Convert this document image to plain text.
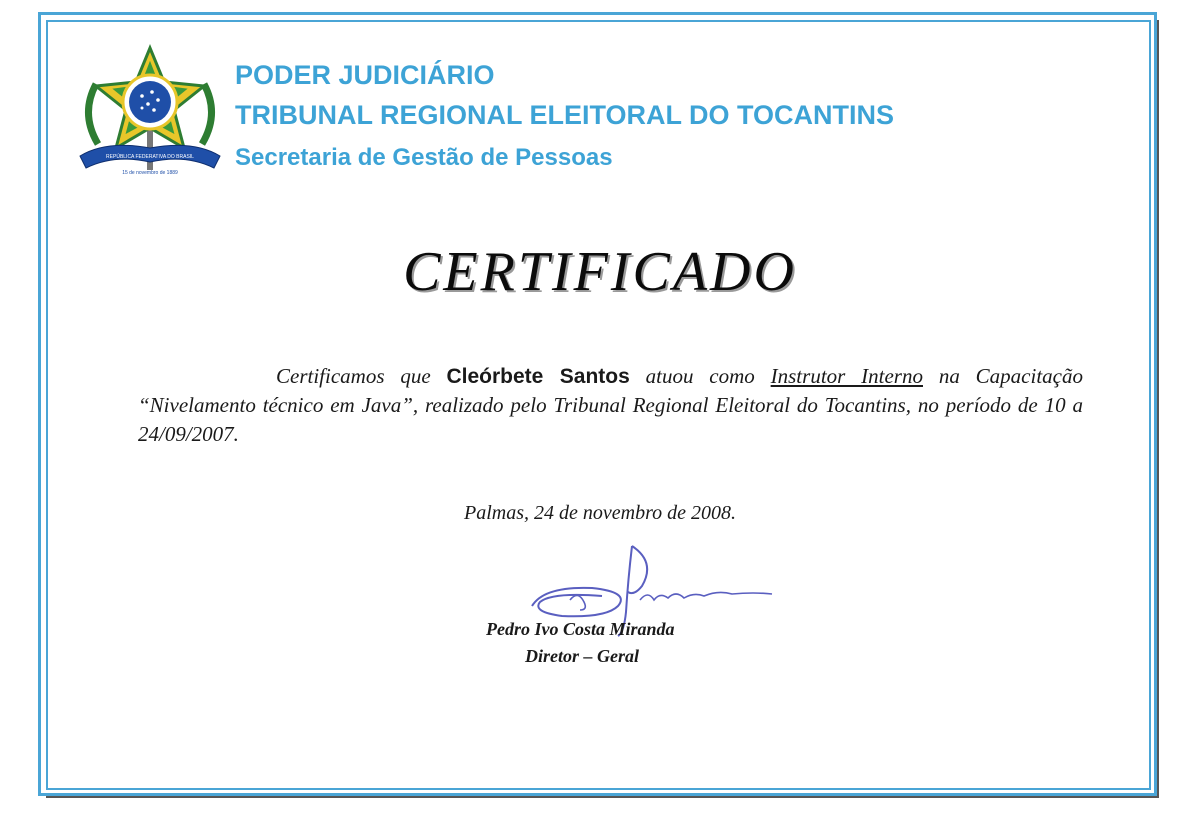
REPÚBLICA FEDERATIVA DO BRASIL
15 de novembro de 1889
PODER JUDICIÁRIO
TRIBUNAL REGIONAL ELEITORAL DO TOCANTINS
Secretaria de Gestão de Pessoas
CERTIFICADO
Certificamos que Cleórbete Santos atuou como Instrutor Interno na Capacitação “Nivelamento técnico em Java”, realizado pelo Tribunal Regional Eleitoral do Tocantins, no período de 10 a 24/09/2007.
Palmas, 24 de novembro de 2008.
Pedro Ivo Costa Miranda
Diretor – Geral
